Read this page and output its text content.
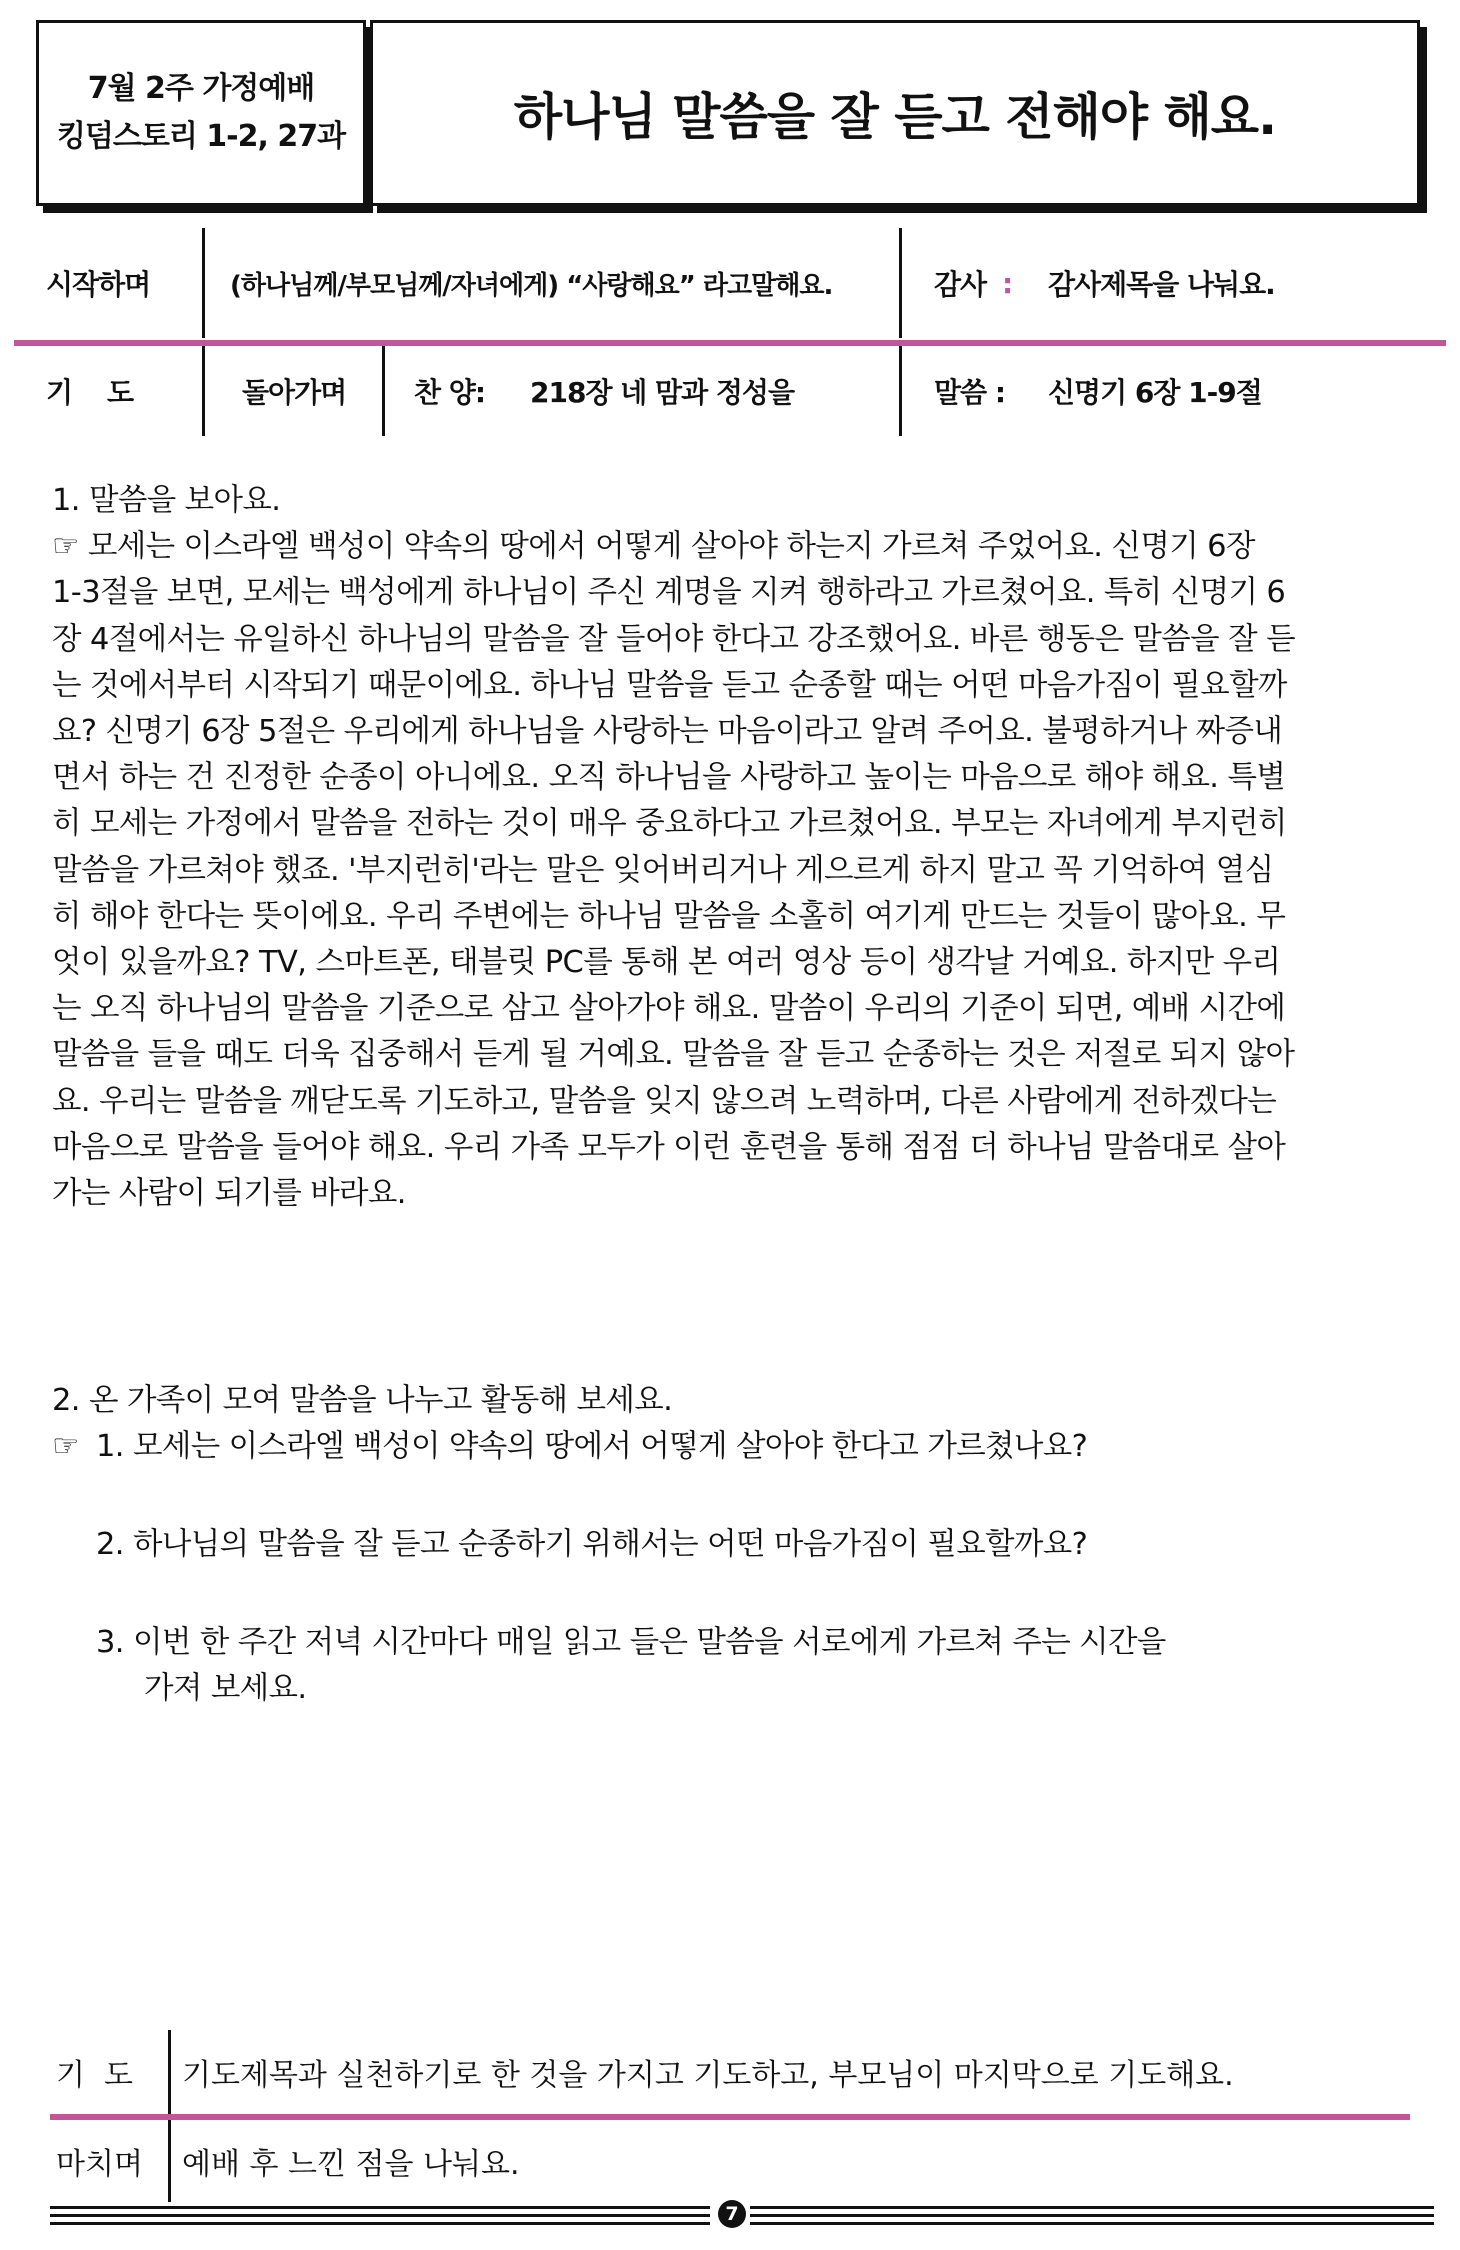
7월 2주 가정예배
킹덤스토리 1-2, 27과	하나님 말씀을 잘 듣고 전해야 해요.
시작하며	(하나님께/부모님께/자녀에게) “사랑해요” 라고말해요.	감사 : 감사제목을 나눠요.
기    도	돌아가며 찬 양: 218장 네 맘과 정성을	말씀 : 신명기 6장 1-9절

1. 말씀을 보아요.

☞ 모세는 이스라엘 백성이 약속의 땅에서 어떻게 살아야 하는지 가르쳐 주었어요. 신명기 6장

1-3절을 보면, 모세는 백성에게 하나님이 주신 계명을 지켜 행하라고 가르쳤어요. 특히 신명기 6

장 4절에서는 유일하신 하나님의 말씀을 잘 들어야 한다고 강조했어요. 바른 행동은 말씀을 잘 듣

는 것에서부터 시작되기 때문이에요. 하나님 말씀을 듣고 순종할 때는 어떤 마음가짐이 필요할까

요? 신명기 6장 5절은 우리에게 하나님을 사랑하는 마음이라고 알려 주어요. 불평하거나 짜증내

면서 하는 건 진정한 순종이 아니에요. 오직 하나님을 사랑하고 높이는 마음으로 해야 해요. 특별

히 모세는 가정에서 말씀을 전하는 것이 매우 중요하다고 가르쳤어요. 부모는 자녀에게 부지런히

말씀을 가르쳐야 했죠. '부지런히'라는 말은 잊어버리거나 게으르게 하지 말고 꼭 기억하여 열심

히 해야 한다는 뜻이에요. 우리 주변에는 하나님 말씀을 소홀히 여기게 만드는 것들이 많아요. 무

엇이 있을까요? TV, 스마트폰, 태블릿 PC를 통해 본 여러 영상 등이 생각날 거예요. 하지만 우리

는 오직 하나님의 말씀을 기준으로 삼고 살아가야 해요. 말씀이 우리의 기준이 되면, 예배 시간에

말씀을 들을 때도 더욱 집중해서 듣게 될 거예요. 말씀을 잘 듣고 순종하는 것은 저절로 되지 않아

요. 우리는 말씀을 깨닫도록 기도하고, 말씀을 잊지 않으려 노력하며, 다른 사람에게 전하겠다는

마음으로 말씀을 들어야 해요. 우리 가족 모두가 이런 훈련을 통해 점점 더 하나님 말씀대로 살아

가는 사람이 되기를 바라요.

2. 온 가족이 모여 말씀을 나누고 활동해 보세요.
☞ 1. 모세는 이스라엘 백성이 약속의 땅에서 어떻게 살아야 한다고 가르쳤나요?
2. 하나님의 말씀을 잘 듣고 순종하기 위해서는 어떤 마음가짐이 필요할까요?
3. 이번 한 주간 저녁 시간마다 매일 읽고 들은 말씀을 서로에게 가르쳐 주는 시간을
가져 보세요.
기  도 기도제목과 실천하기로 한 것을 가지고 기도하고, 부모님이 마지막으로 기도해요.
마치며 예배 후 느낀 점을 나눠요.
7
